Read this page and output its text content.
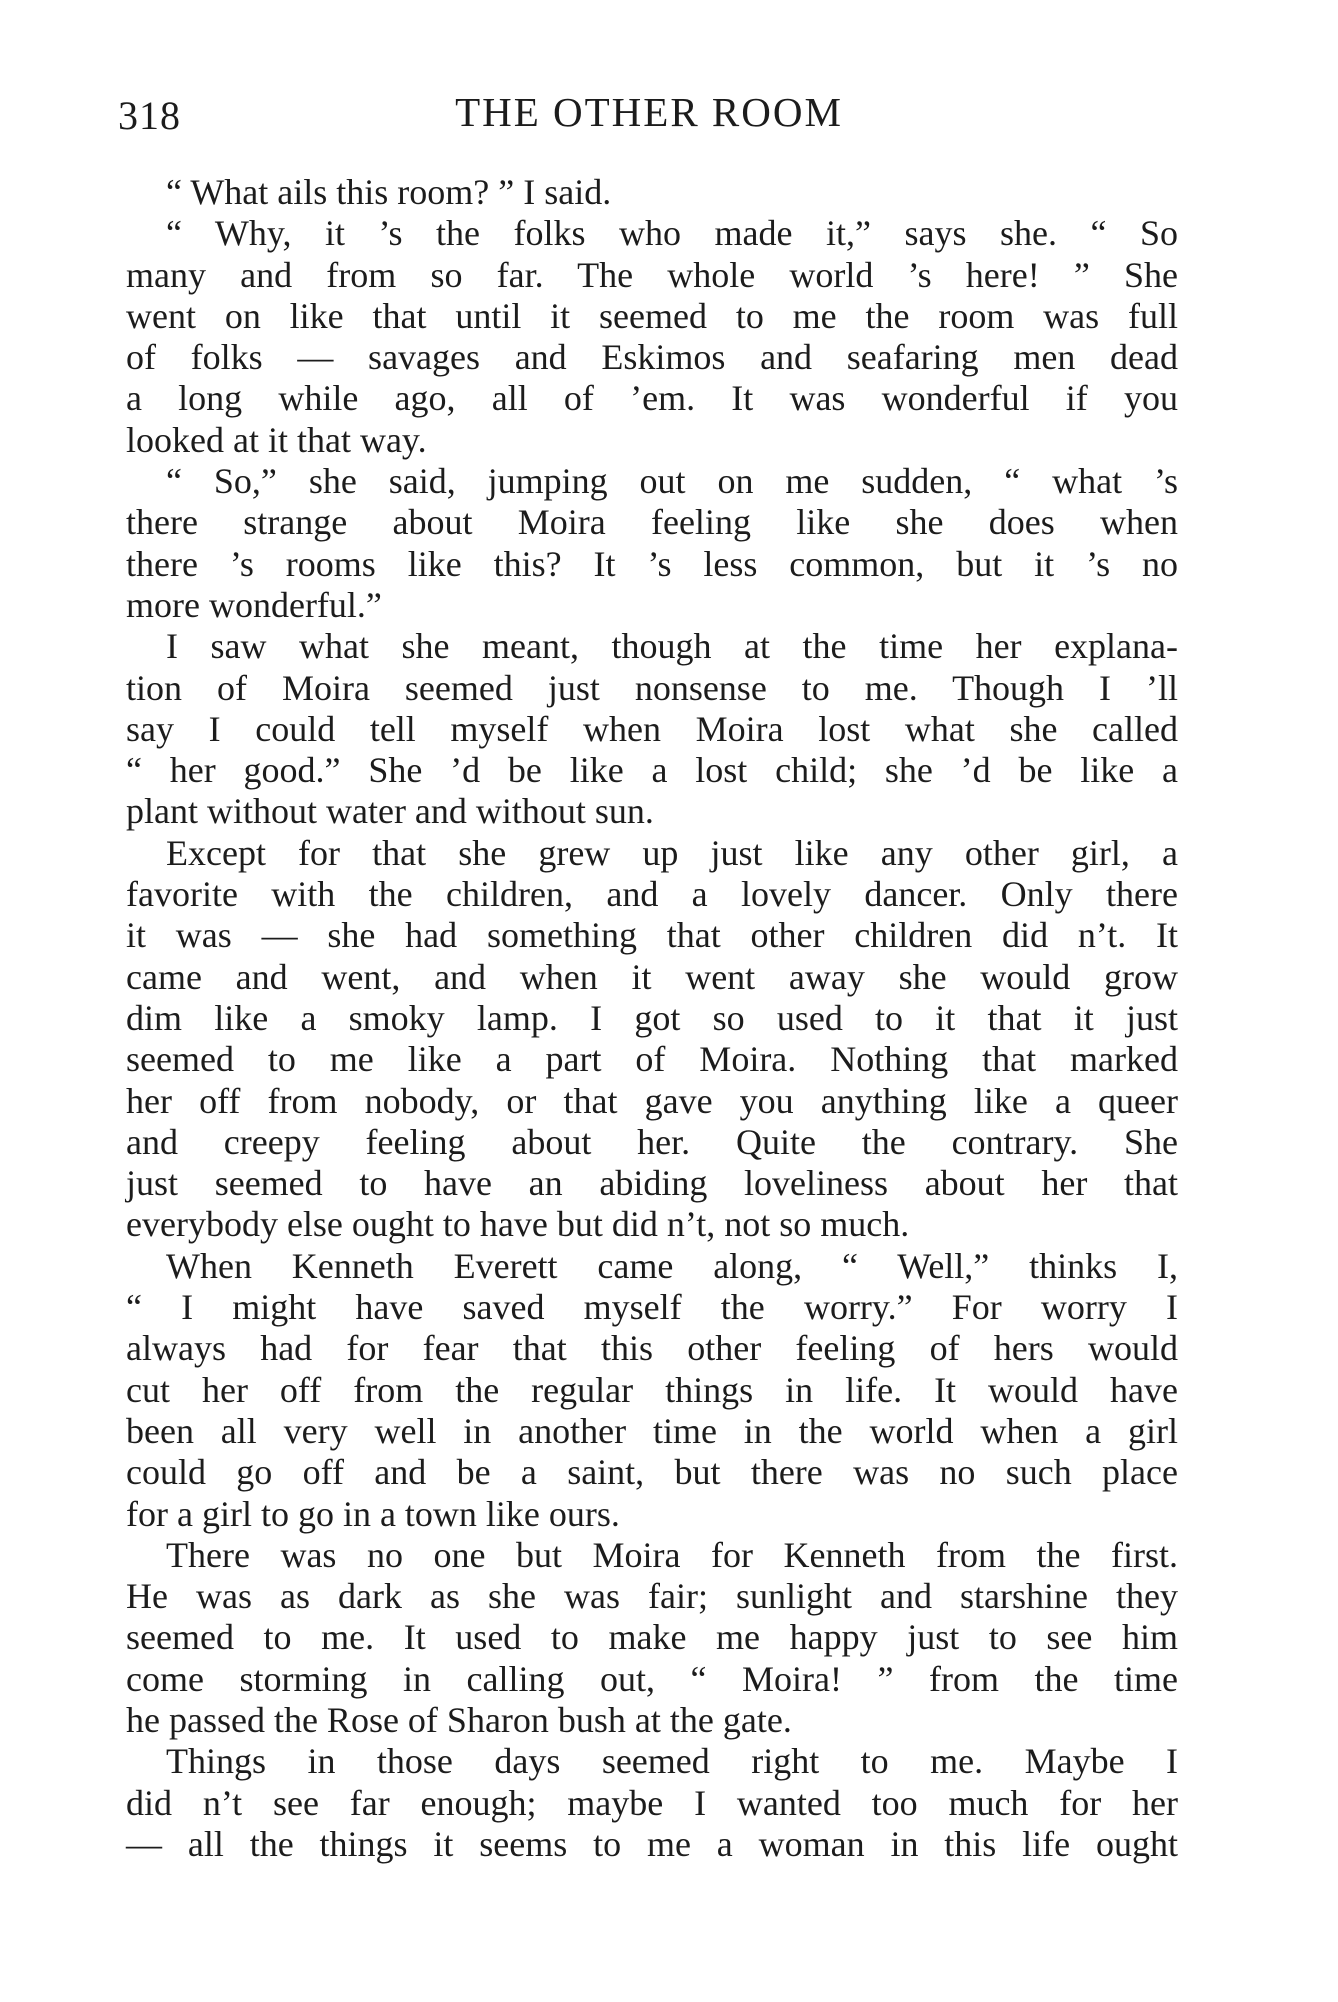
318	THE OTHER ROOM
“ What ails this room? ” I said.
“ Why, it ’s the folks who made it,” says she. “ So
many and from so far. The whole world ’s here! ” She
went on like that until it seemed to me the room was full
of folks — savages and Eskimos and seafaring men dead
a long while ago, all of ’em. It was wonderful if you
looked at it that way.
“ So,” she said, jumping out on me sudden, “ what ’s
there strange about Moira feeling like she does when
there ’s rooms like this? It ’s less common, but it ’s no
more wonderful.”
I saw what she meant, though at the time her explana-
tion of Moira seemed just nonsense to me. Though I ’ll
say I could tell myself when Moira lost what she called
“ her good.” She ’d be like a lost child; she ’d be like a
plant without water and without sun.
Except for that she grew up just like any other girl, a
favorite with the children, and a lovely dancer. Only there
it was — she had something that other children did n’t. It
came and went, and when it went away she would grow
dim like a smoky lamp. I got so used to it that it just
seemed to me like a part of Moira. Nothing that marked
her off from nobody, or that gave you anything like a queer
and creepy feeling about her. Quite the contrary. She
just seemed to have an abiding loveliness about her that
everybody else ought to have but did n’t, not so much.
When Kenneth Everett came along, “ Well,” thinks I,
“ I might have saved myself the worry.” For worry I
always had for fear that this other feeling of hers would
cut her off from the regular things in life. It would have
been all very well in another time in the world when a girl
could go off and be a saint, but there was no such place
for a girl to go in a town like ours.
There was no one but Moira for Kenneth from the first.
He was as dark as she was fair; sunlight and starshine they
seemed to me. It used to make me happy just to see him
come storming in calling out, “ Moira! ” from the time
he passed the Rose of Sharon bush at the gate.
Things in those days seemed right to me. Maybe I
did n’t see far enough; maybe I wanted too much for her
— all the things it seems to me a woman in this life ought
